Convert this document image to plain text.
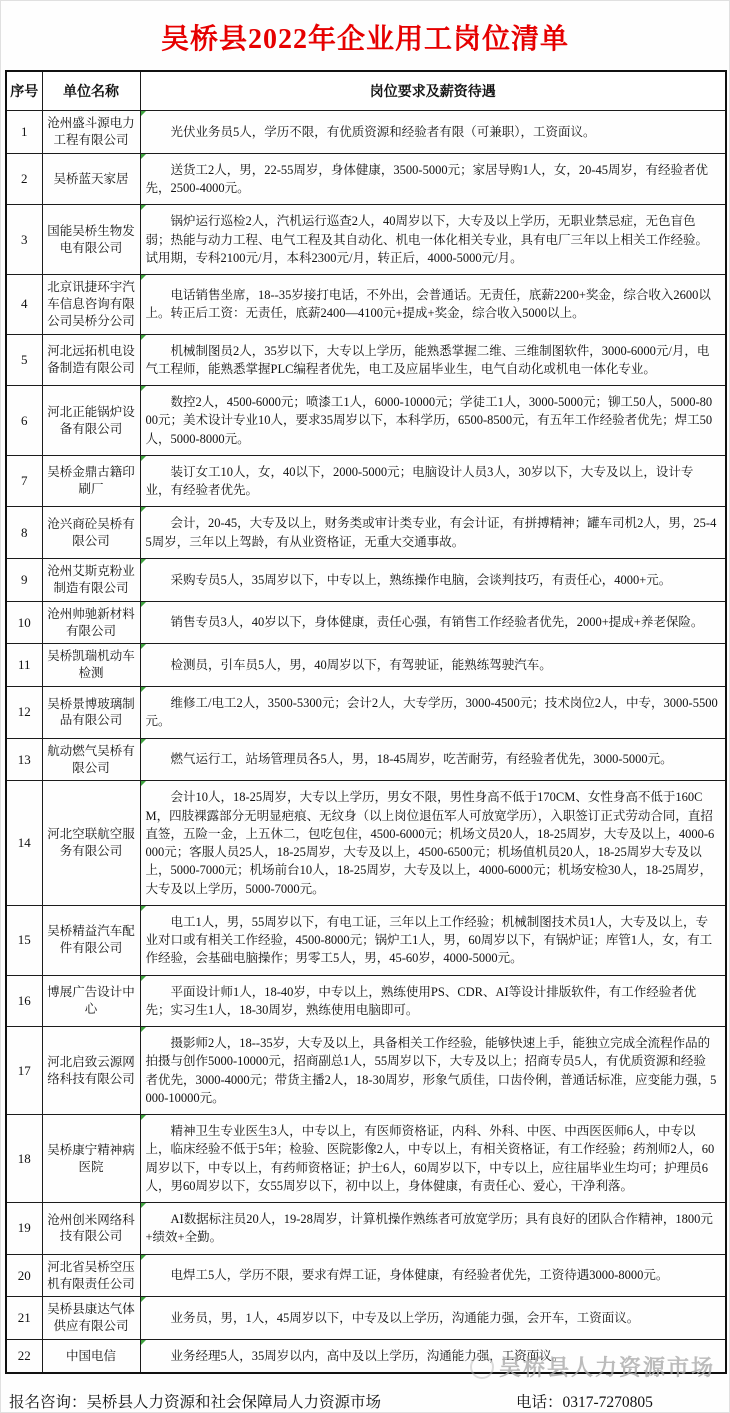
吴桥县2022年企业用工岗位清单
序号	单位名称	岗位要求及薪资待遇
1	沧州盛斗源电力工程有限公司	光伏业务员5人，学历不限，有优质资源和经验者有限（可兼职），工资面议。
2	吴桥蓝天家居	送货工2人，男，22-55周岁，身体健康，3500-5000元；家居导购1人，女，20-45周岁，有经验者优先，2500-4000元。
3	国能吴桥生物发电有限公司	锅炉运行巡检2人，汽机运行巡查2人，40周岁以下，大专及以上学历，无职业禁忌症，无色盲色弱；热能与动力工程、电气工程及其自动化、机电一体化相关专业，具有电厂三年以上相关工作经验。试用期，专科2100元/月，本科2300元/月，转正后，4000-5000元/月。
4	北京讯捷环宇汽车信息咨询有限公司吴桥分公司	电话销售坐席，18--35岁接打电话，不外出，会普通话。无责任，底薪2200+奖金，综合收入2600以上。转正后工资：无责任，底薪2400—4100元+提成+奖金，综合收入5000以上。
5	河北远拓机电设备制造有限公司	机械制图员2人，35岁以下，大专以上学历，能熟悉掌握二维、三维制图软件，3000-6000元/月，电气工程师，能熟悉掌握PLC编程者优先，电工及应届毕业生，电气自动化或机电一体化专业。
6	河北正能锅炉设备有限公司	数控2人，4500-6000元；喷漆工1人，6000-10000元；学徒工1人，3000-5000元；铆工50人，5000-8000元；美术设计专业10人，要求35周岁以下，本科学历，6500-8500元，有五年工作经验者优先；焊工50人，5000-8000元。
7	吴桥金鼎古籍印刷厂	装订女工10人，女，40以下，2000-5000元；电脑设计人员3人，30岁以下，大专及以上，设计专业，有经验者优先。
8	沧兴商砼吴桥有限公司	会计，20-45，大专及以上，财务类或审计类专业，有会计证，有拼搏精神；罐车司机2人，男，25-45周岁，三年以上驾龄，有从业资格证，无重大交通事故。
9	沧州艾斯克粉业制造有限公司	采购专员5人，35周岁以下，中专以上，熟练操作电脑，会谈判技巧，有责任心，4000+元。
10	沧州帅驰新材料有限公司	销售专员3人，40岁以下，身体健康，责任心强，有销售工作经验者优先，2000+提成+养老保险。
11	吴桥凯瑞机动车检测	检测员，引车员5人，男，40周岁以下，有驾驶证，能熟练驾驶汽车。
12	吴桥景博玻璃制品有限公司	维修工/电工2人，3500-5300元；会计2人，大专学历，3000-4500元；技术岗位2人，中专，3000-5500元。
13	航动燃气吴桥有限公司	燃气运行工，站场管理员各5人，男，18-45周岁，吃苦耐劳，有经验者优先，3000-5000元。
14	河北空联航空服务有限公司	会计10人，18-25周岁，大专以上学历，男女不限，男性身高不低于170CM、女性身高不低于160CM，四肢裸露部分无明显疤痕、无纹身（以上岗位退伍军人可放宽学历），入职签订正式劳动合同，直招直签，五险一金，上五休二，包吃包住，4500-6000元；机场文员20人，18-25周岁，大专及以上，4000-6000元；客服人员25人，18-25周岁，大专及以上，4500-6500元；机场值机员20人，18-25周岁大专及以上，5000-7000元；机场前台10人，18-25周岁，大专及以上，4000-6000元；机场安检30人，18-25周岁，大专及以上学历，5000-7000元。
15	吴桥精益汽车配件有限公司	电工1人，男，55周岁以下，有电工证，三年以上工作经验；机械制图技术员1人，大专及以上，专业对口或有相关工作经验，4500-8000元；锅炉工1人，男，60周岁以下，有锅炉证；库管1人，女，有工作经验，会基础电脑操作；男零工5人，男，45-60岁，4000-5000元。
16	博展广告设计中心	平面设计师1人，18-40岁，中专以上，熟练使用PS、CDR、AI等设计排版软件，有工作经验者优先；实习生1人，18-30周岁，熟练使用电脑即可。
17	河北启致云源网络科技有限公司	摄影师2人，18--35岁，大专及以上，具备相关工作经验，能够快速上手，能独立完成全流程作品的拍摄与创作5000-10000元，招商副总1人，55周岁以下，大专及以上；招商专员5人，有优质资源和经验者优先，3000-4000元；带货主播2人，18-30周岁，形象气质佳，口齿伶俐，普通话标准，应变能力强，5000-10000元。
18	吴桥康宁精神病医院	精神卫生专业医生3人，中专以上，有医师资格证，内科、外科、中医、中西医医师6人，中专以上，临床经验不低于5年；检验、医院影像2人，中专以上，有相关资格证，有工作经验；药剂师2人，60周岁以下，中专以上，有药师资格证；护士6人，60周岁以下，中专以上，应往届毕业生均可；护理员6人，男60周岁以下，女55周岁以下，初中以上，身体健康，有责任心、爱心，干净利落。
19	沧州创米网络科技有限公司	AI数据标注员20人，19-28周岁，计算机操作熟练者可放宽学历；具有良好的团队合作精神，1800元+绩效+全勤。
20	河北省吴桥空压机有限责任公司	电焊工5人，学历不限，要求有焊工证，身体健康，有经验者优先，工资待遇3000-8000元。
21	吴桥县康达气体供应有限公司	业务员，男，1人，45周岁以下，中专及以上学历，沟通能力强，会开车，工资面议。
22	中国电信	业务经理5人，35周岁以内，高中及以上学历，沟通能力强，工资面议。
报名咨询：吴桥县人力资源和社会保障局人力资源市场	电话：0317-7270805
吴桥县人力资源市场
